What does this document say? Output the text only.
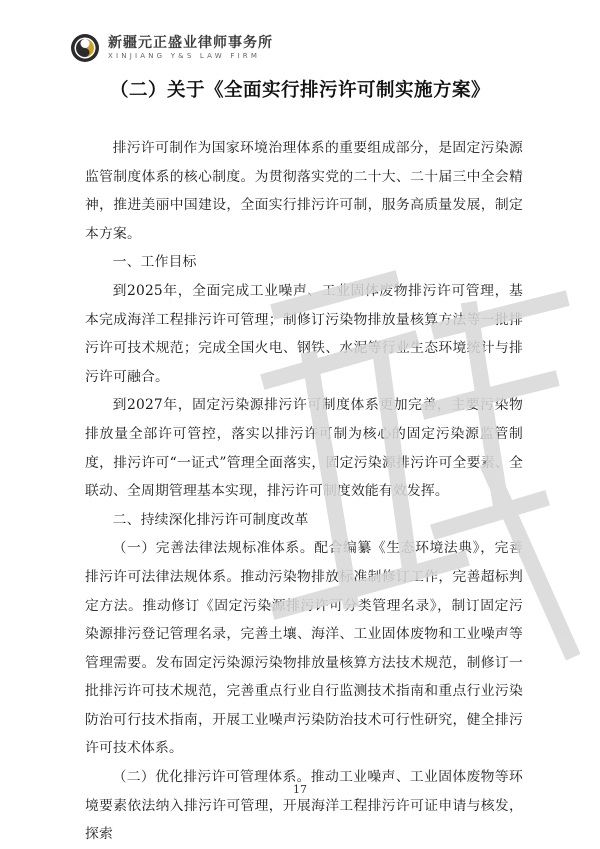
新疆元正盛业律师事务所
XINJIANG Y&S LAW FIRM
（二）关于《全面实行排污许可制实施方案》

排污许可制作为国家环境治理体系的重要组成部分，是固定污染源监管制度体系的核心制度。为贯彻落实党的二十大、二十届三中全会精神，推进美丽中国建设，全面实行排污许可制，服务高质量发展，制定本方案。

一、工作目标

到2025年，全面完成工业噪声、工业固体废物排污许可管理，基本完成海洋工程排污许可管理；制修订污染物排放量核算方法等一批排污许可技术规范；完成全国火电、钢铁、水泥等行业生态环境统计与排污许可融合。

到2027年，固定污染源排污许可制度体系更加完善，主要污染物排放量全部许可管控，落实以排污许可制为核心的固定污染源监管制度，排污许可“一证式”管理全面落实，固定污染源排污许可全要素、全联动、全周期管理基本实现，排污许可制度效能有效发挥。

二、持续深化排污许可制度改革

（一）完善法律法规标准体系。配合编纂《生态环境法典》，完善排污许可法律法规体系。推动污染物排放标准制修订工作，完善超标判定方法。推动修订《固定污染源排污许可分类管理名录》，制订固定污染源排污登记管理名录，完善土壤、海洋、工业固体废物和工业噪声等管理需要。发布固定污染源污染物排放量核算方法技术规范，制修订一批排污许可技术规范，完善重点行业自行监测技术指南和重点行业污染防治可行技术指南，开展工业噪声污染防治技术可行性研究，健全排污许可技术体系。

（二）优化排污许可管理体系。推动工业噪声、工业固体废物等环境要素依法纳入排污许可管理，开展海洋工程排污许可证申请与核发，探索

17
